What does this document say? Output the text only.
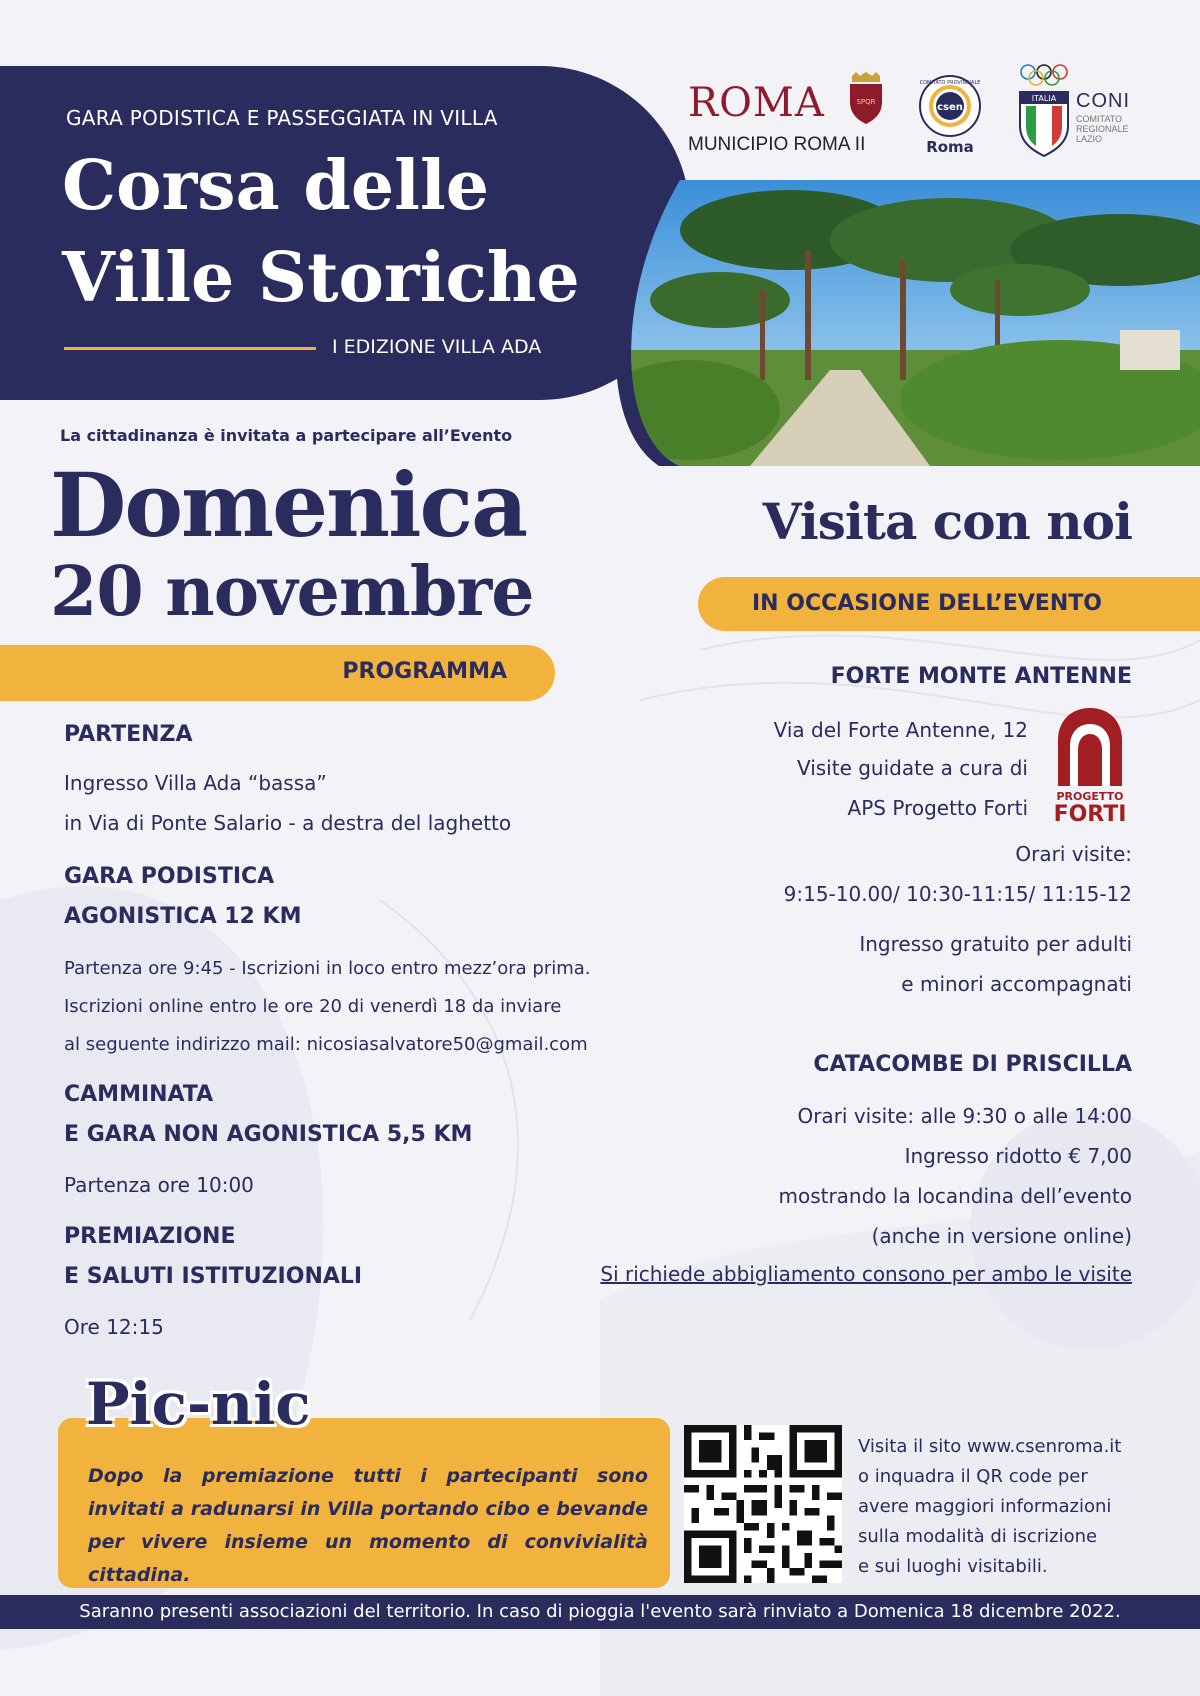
GARA PODISTICA E PASSEGGIATA IN VILLA
Corsa delle
Ville Storiche
I EDIZIONE VILLA ADA
ROMA
MUNICIPIO ROMA II
SPQR	csen
COMITATO PROVINCIALE
Roma
ITALIA CONI
COMITATO
REGIONALE
LAZIO
La cittadinanza è invitata a partecipare all’Evento
Domenica
20 novembre
PROGRAMMA
PARTENZA
Ingresso Villa Ada “bassa”
in Via di Ponte Salario - a destra del laghetto
GARA PODISTICA
AGONISTICA 12 KM
Partenza ore 9:45 - Iscrizioni in loco entro mezz’ora prima.
Iscrizioni online entro le ore 20 di venerdì 18 da inviare
al seguente indirizzo mail: nicosiasalvatore50@gmail.com
CAMMINATA
E GARA NON AGONISTICA 5,5 KM
Partenza ore 10:00
PREMIAZIONE
E SALUTI ISTITUZIONALI
Ore 12:15
Visita con noi
IN OCCASIONE DELL’EVENTO
FORTE MONTE ANTENNE
Via del Forte Antenne, 12
Visite guidate a cura di
APS Progetto Forti	PROGETTO
FORTI
Orari visite:
9:15-10.00/ 10:30-11:15/ 11:15-12
Ingresso gratuito per adulti
e minori accompagnati
CATACOMBE DI PRISCILLA
Orari visite: alle 9:30 o alle 14:00
Ingresso ridotto € 7,00
mostrando la locandina dell’evento
(anche in versione online)
Si richiede abbigliamento consono per ambo le visite
Pic-nic
Dopo la premiazione tutti i partecipanti sono invitati a radunarsi in Villa portando cibo e bevande per vivere insieme un momento di convivialità cittadina.
Visita il sito www.csenroma.it
o inquadra il QR code per
avere maggiori informazioni
sulla modalità di iscrizione
e sui luoghi visitabili.
Saranno presenti associazioni del territorio. In caso di pioggia l'evento sarà rinviato a Domenica 18 dicembre 2022.
